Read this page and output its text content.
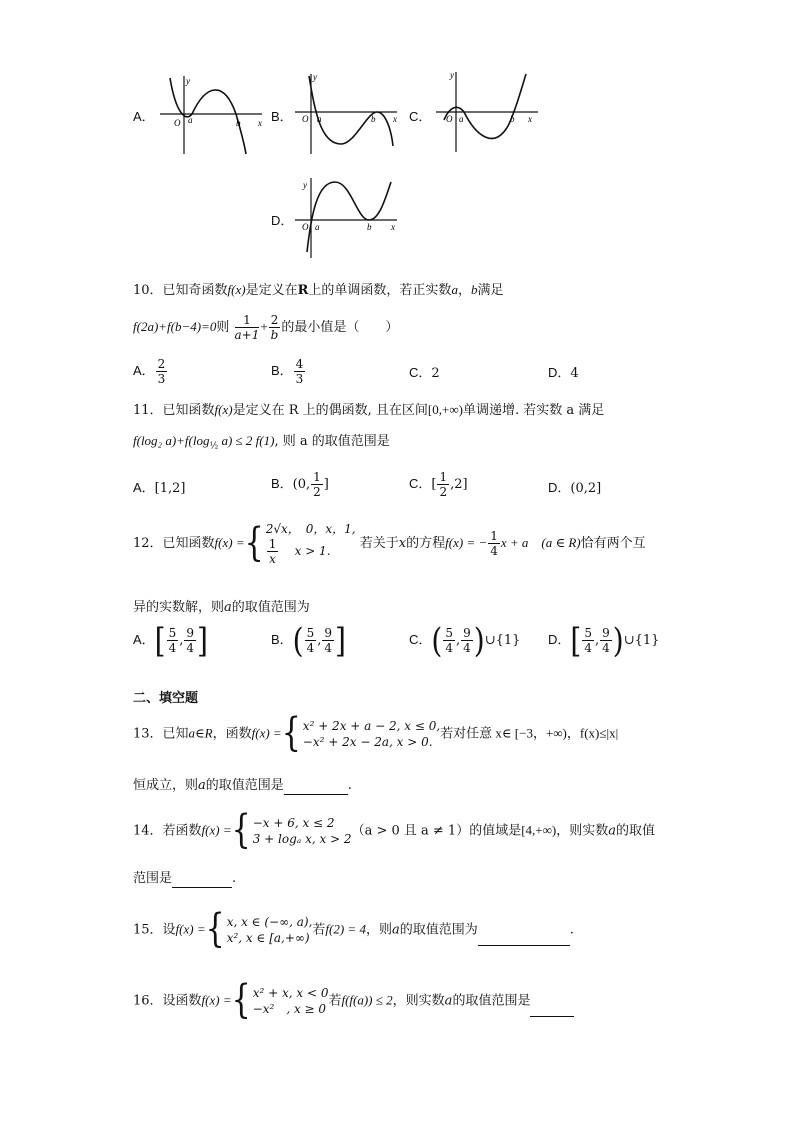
A．
y
x
O a	b B．
y
x
O a	b	C．
y
x
O a	b
D．
y
x
O a	b
10．已知奇函数f(x)是定义在R上的单调函数，若正实数a，b满足
f(2a)+f(b−4)=0则 $\frac{1}{a+1} + \frac{2}{b}$ 的最小值是（　　）
A． $\frac{2}{3}$	B． $\frac{4}{3}$	C．2	D．4
11．已知函数f(x)是定义在 R 上的偶函数, 且在区间[0,+∞)单调递增. 若实数 a 满足
f(log₂ $a)+f(\log_{\frac{1}{2}}$ a) ≤ 2 f(1), 则 a 的取值范围是
A．[1,2]	B．(0, $\frac{1}{2}$ ]	C．[ $\frac{1}{2} ,2$]	D．(0,2]
12．已知函数f(x) ={ 2√x，　0，x，1,
$\frac{1}{x}$ x > 1.	若关于x的方程f(x) = − $\frac{1}{4}$ x + a　(a ∈ R)恰有两个互
异的实数解，则a的取值范围为
A．[ $\frac{5}{4}$ , $\frac{9}{4}$ ]	B．( $\frac{5}{4}$ , $\frac{9}{4}$ ]	C．( $\frac{5}{4}$ , $\frac{9}{4}$ )∪{1} D．[ $\frac{5}{4}$ , $\frac{9}{4}$ )∪{1}
二、填空题
13．已知a∈R，函数f(x) ={ x² + 2x + a − 2, x ≤ 0,
−x² + 2x − 2a, x > 0.
若对任意 x∈ [−3，+∞)，f(x)≤|x|
恒成立，则a的取值范围是	.
14．若函数f(x) ={ −x + 6, x ≤ 2
3 + logₐ x, x > 2
（a > 0 且 a ≠ 1）的值域是[4,+∞)，则实数a的取值
范围是	.
15．设f(x) ={ x, x ∈ (−∞, a),
x², x ∈ [a,+∞)
若f(2) = 4，则a的取值范围为	.
16．设函数f(x) ={ x² + x, x < 0
−x²　, x ≥ 0
若f(f(a)) ≤ 2，则实数a的取值范围是
